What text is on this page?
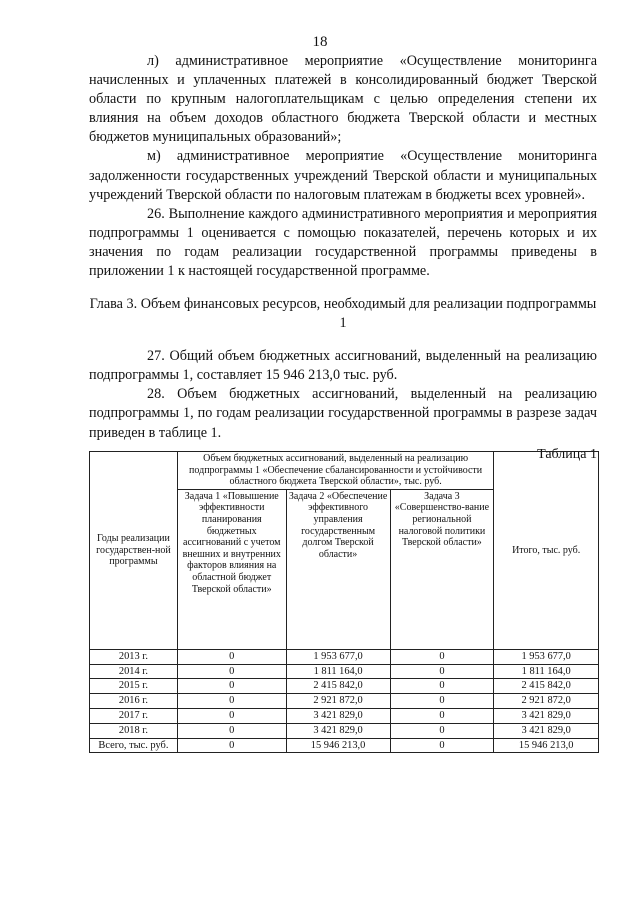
18

л) административное мероприятие «Осуществление мониторинга начисленных и уплаченных платежей в консолидированный бюджет Тверской области по крупным налогоплательщикам с целью определения степени их влияния на объем доходов областного бюджета Тверской области и местных бюджетов муниципальных образований»;

м) административное мероприятие «Осуществление мониторинга задолженности государственных учреждений Тверской области и муниципальных учреждений Тверской области по налоговым платежам в бюджеты всех уровней».

26. Выполнение каждого административного мероприятия и мероприятия подпрограммы 1 оценивается с помощью показателей, перечень которых и их значения по годам реализации государственной программы приведены в приложении 1 к настоящей государственной программе.

Глава 3. Объем финансовых ресурсов, необходимый для реализации подпрограммы 1

27. Общий объем бюджетных ассигнований, выделенный на реализацию подпрограммы 1, составляет 15 946 213,0 тыс. руб.

28. Объем бюджетных ассигнований, выделенный на реализацию подпрограммы 1, по годам реализации государственной программы в разрезе задач приведен в таблице 1.

Таблица 1
Годы реализации государствен-ной программы	Объем бюджетных ассигнований, выделенный на реализацию подпрограммы 1 «Обеспечение сбалансированности и устойчивости областного бюджета Тверской области», тыс. руб.			Итого, тыс. руб.
	Задача 1 «Повышение эффективности планирования бюджетных ассигнований с учетом внешних и внутренних факторов влияния на областной бюджет Тверской области»	Задача 2 «Обеспечение эффективного управления государственным долгом Тверской области»	Задача 3 «Совершенство-вание региональной налоговой политики Тверской области»	
2013 г.	0	1 953 677,0	0	1 953 677,0
2014 г.	0	1 811 164,0	0	1 811 164,0
2015 г.	0	2 415 842,0	0	2 415 842,0
2016 г.	0	2 921 872,0	0	2 921 872,0
2017 г.	0	3 421 829,0	0	3 421 829,0
2018 г.	0	3 421 829,0	0	3 421 829,0
Всего, тыс. руб.	0	15 946 213,0	0	15 946 213,0
